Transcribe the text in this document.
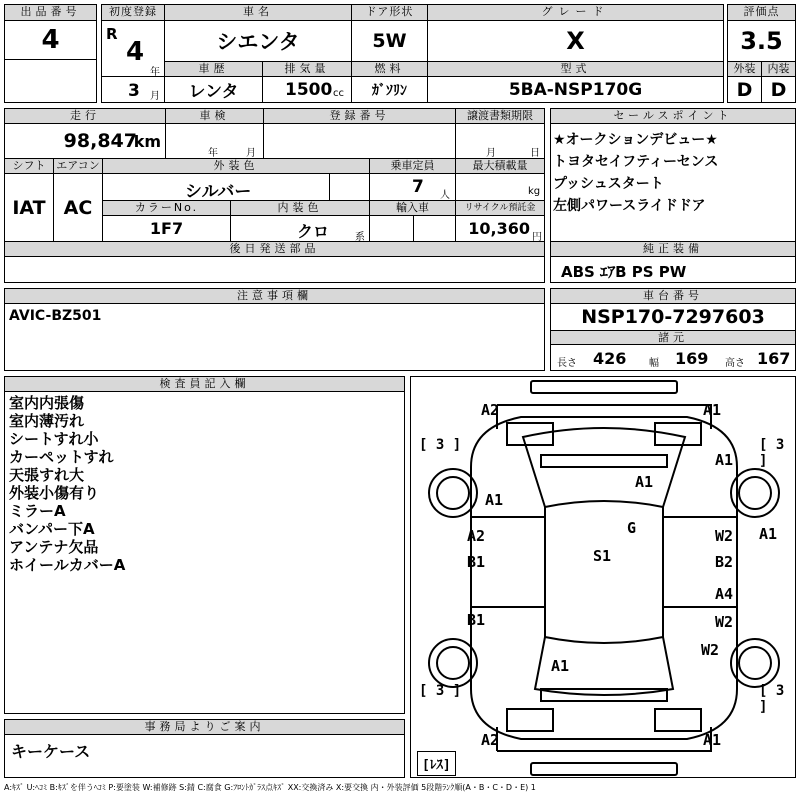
出品番号
4
初度登録
R
4
年
3 月
車名
シエンタ
ドア形状
5W
グレード
X
評価点
3.5
車歴
レンタ
排気量
1500 cc
燃料
ｶﾞｿﾘﾝ
型式
5BA-NSP170G
外装
D
内装
D
走行
98,847
km
車検
年	月
登録番号	譲渡書類期限
月	日
シフト
IAT
エアコン
AC
外装色
シルバー
乗車定員
7 人
最大積載量
kg
カラーNo.
1F7
内装色
クロ	系
輸入車	リサイクル預託金
10,360 円
後日発送部品
セールスポイント
★オークションデビュー★
トヨタセイフティーセンス
プッシュスタート
左側パワースライドドア
純正装備
ABS ｴｱB PS PW
注意事項欄
AVIC-BZ501
車台番号
NSP170-7297603
諸元
長さ 426 幅 169 高さ 167
検査員記入欄
室内内張傷
室内薄汚れ
シートすれ小
カーペットすれ
天張すれ大
外装小傷有り
ミラーA
バンパー下A
アンテナ欠品
ホイールカバーA
事務局よりご案内
キーケース
[ 3 ]	[ 3 ]
[ 3 ]	[ 3 ]
[ﾚｽ]
A2	A1
A1
A1
A1
G
A2
B1
W2 A1
S1	B2
A4
B1	W2
W2
A1
A2	A1
A:ｷｽﾞ U:ﾍｺﾐ B:ｷｽﾞを伴うﾍｺﾐ P:要塗装 W:補修跡 S:錆 C:腐食 G:ﾌﾛﾝﾄｶﾞﾗｽ点ｷｽﾞ XX:交換済み X:要交換 内・外装評価 5段階ﾗﾝｸ順(A・B・C・D・E) 1
